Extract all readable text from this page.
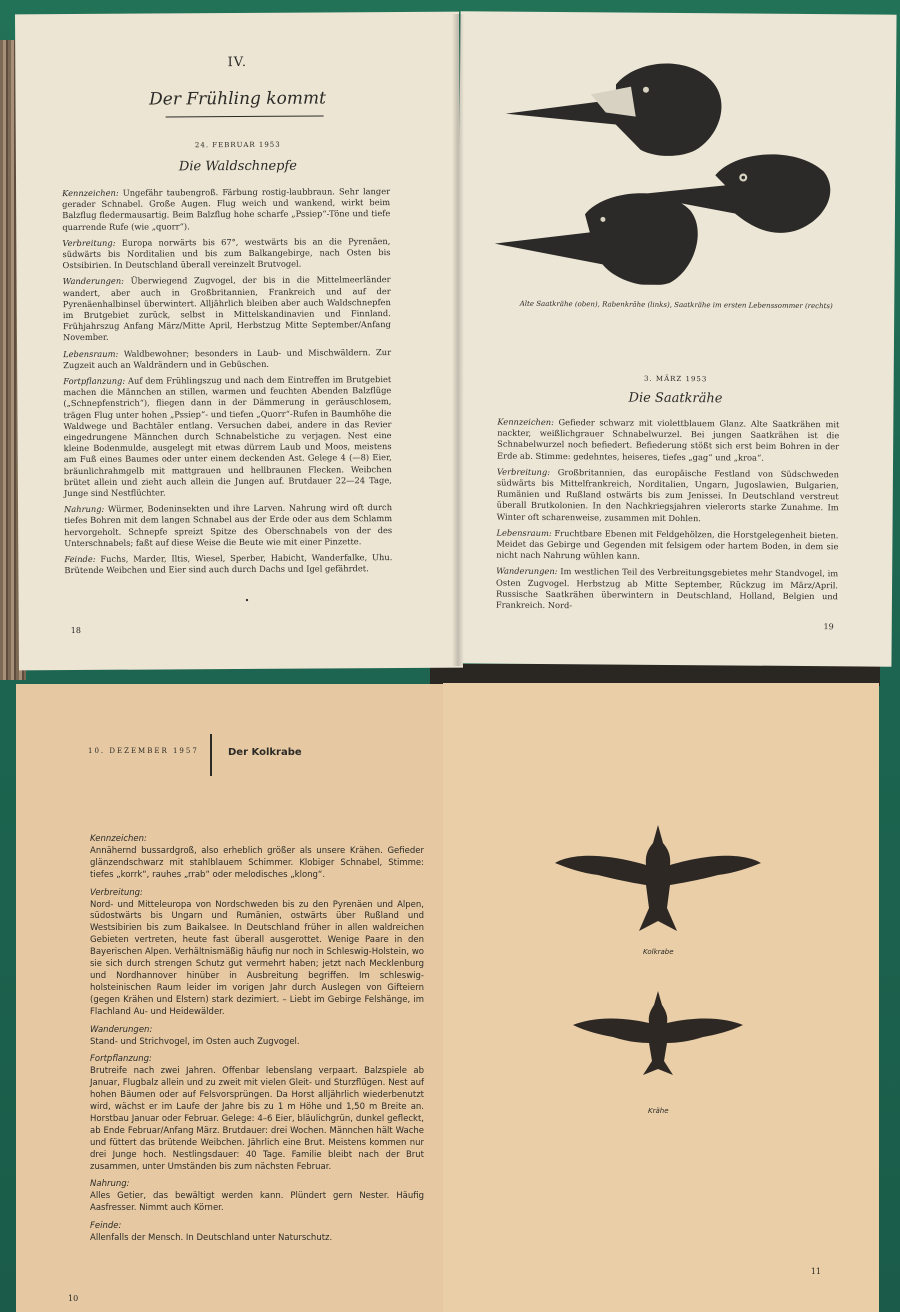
IV.
Der Frühling kommt
24. FEBRUAR 1953
Die Waldschnepfe

Kennzeichen: Ungefähr taubengroß. Färbung rostig-laubbraun. Sehr langer gerader Schnabel. Große Augen. Flug weich und wankend, wirkt beim Balzflug fledermausartig. Beim Balzflug hohe scharfe „Pssiep“-Töne und tiefe quarrende Rufe (wie „quorr“).

Verbreitung: Europa norwärts bis 67°, westwärts bis an die Pyrenäen, südwärts bis Norditalien und bis zum Balkangebirge, nach Osten bis Ostsibirien. In Deutschland überall vereinzelt Brutvogel.

Wanderungen: Überwiegend Zugvogel, der bis in die Mittelmeerländer wandert, aber auch in Großbritannien, Frankreich und auf der Pyrenäenhalbinsel überwintert. Alljährlich bleiben aber auch Waldschnepfen im Brutgebiet zurück, selbst in Mittelskandinavien und Finnland. Frühjahrszug Anfang März/Mitte April, Herbstzug Mitte September/Anfang November.

Lebensraum: Waldbewohner; besonders in Laub- und Mischwäldern. Zur Zugzeit auch an Waldrändern und in Gebüschen.

Fortpflanzung: Auf dem Frühlingszug und nach dem Eintreffen im Brutgebiet machen die Männchen an stillen, warmen und feuchten Abenden Balzflüge („Schnepfenstrich“), fliegen dann in der Dämmerung in geräuschlosem, trägen Flug unter hohen „Pssiep“- und tiefen „Quorr“-Rufen in Baumhöhe die Waldwege und Bachtäler entlang. Versuchen dabei, andere in das Revier eingedrungene Männchen durch Schnabelstiche zu verjagen. Nest eine kleine Bodenmulde, ausgelegt mit etwas dürrem Laub und Moos, meistens am Fuß eines Baumes oder unter einem deckenden Ast. Gelege 4 (—8) Eier, bräunlichrahmgelb mit mattgrauen und hellbraunen Flecken. Weibchen brütet allein und zieht auch allein die Jungen auf. Brutdauer 22—24 Tage, Junge sind Nestflüchter.

Nahrung: Würmer, Bodeninsekten und ihre Larven. Nahrung wird oft durch tiefes Bohren mit dem langen Schnabel aus der Erde oder aus dem Schlamm hervorgeholt. Schnepfe spreizt Spitze des Oberschnabels von der des Unterschnabels; faßt auf diese Weise die Beute wie mit einer Pinzette.

Feinde: Fuchs, Marder, Iltis, Wiesel, Sperber, Habicht, Wanderfalke, Uhu. Brütende Weibchen und Eier sind auch durch Dachs und Igel gefährdet.

•
18
Alte Saatkrähe (oben), Rabenkrähe (links), Saatkrähe im ersten Lebenssommer (rechts)
3. MÄRZ 1953
Die Saatkrähe

Kennzeichen: Gefieder schwarz mit violettblauem Glanz. Alte Saatkrähen mit nackter, weißlichgrauer Schnabelwurzel. Bei jungen Saatkrähen ist die Schnabelwurzel noch befiedert. Befiederung stößt sich erst beim Bohren in der Erde ab. Stimme: gedehntes, heiseres, tiefes „gag“ und „kroa“.

Verbreitung: Großbritannien, das europäische Festland von Südschweden südwärts bis Mittelfrankreich, Norditalien, Ungarn, Jugoslawien, Bulgarien, Rumänien und Rußland ostwärts bis zum Jenissei. In Deutschland verstreut überall Brutkolonien. In den Nachkriegsjahren vielerorts starke Zunahme. Im Winter oft scharenweise, zusammen mit Dohlen.

Lebensraum: Fruchtbare Ebenen mit Feldgehölzen, die Horstgelegenheit bieten. Meidet das Gebirge und Gegenden mit felsigem oder hartem Boden, in dem sie nicht nach Nahrung wühlen kann.

Wanderungen: Im westlichen Teil des Verbreitungsgebietes mehr Standvogel, im Osten Zugvogel. Herbstzug ab Mitte September, Rückzug im März/April. Russische Saatkrähen überwintern in Deutschland, Holland, Belgien und Frankreich. Nord-

19
10. DEZEMBER 1957	Der Kolkrabe

Kennzeichen:
Annähernd bussardgroß, also erheblich größer als unsere Krähen. Gefieder glänzendschwarz mit stahlblauem Schimmer. Klobiger Schnabel, Stimme: tiefes „korrk“, rauhes „rrab“ oder melodisches „klong“.

Verbreitung:
Nord- und Mitteleuropa von Nordschweden bis zu den Pyrenäen und Alpen, südostwärts bis Ungarn und Rumänien, ostwärts über Rußland und Westsibirien bis zum Baikalsee. In Deutschland früher in allen waldreichen Gebieten vertreten, heute fast überall ausgerottet. Wenige Paare in den Bayerischen Alpen. Verhältnismäßig häufig nur noch in Schleswig-Holstein, wo sie sich durch strengen Schutz gut vermehrt haben; jetzt nach Mecklenburg und Nordhannover hinüber in Ausbreitung begriffen. Im schleswig-holsteinischen Raum leider im vorigen Jahr durch Auslegen von Gifteiern (gegen Krähen und Elstern) stark dezimiert. – Liebt im Gebirge Felshänge, im Flachland Au- und Heidewälder.

Wanderungen:
Stand- und Strichvogel, im Osten auch Zugvogel.

Fortpflanzung:
Brutreife nach zwei Jahren. Offenbar lebenslang verpaart. Balzspiele ab Januar, Flugbalz allein und zu zweit mit vielen Gleit- und Sturzflügen. Nest auf hohen Bäumen oder auf Felsvorsprüngen. Da Horst alljährlich wiederbenutzt wird, wächst er im Laufe der Jahre bis zu 1 m Höhe und 1,50 m Breite an. Horstbau Januar oder Februar. Gelege: 4–6 Eier, bläulichgrün, dunkel gefleckt, ab Ende Februar/Anfang März. Brutdauer: drei Wochen. Männchen hält Wache und füttert das brütende Weibchen. Jährlich eine Brut. Meistens kommen nur drei Junge hoch. Nestlingsdauer: 40 Tage. Familie bleibt nach der Brut zusammen, unter Umständen bis zum nächsten Februar.

Nahrung:
Alles Getier, das bewältigt werden kann. Plündert gern Nester. Häufig Aasfresser. Nimmt auch Körner.

Feinde:
Allenfalls der Mensch. In Deutschland unter Naturschutz.

10
Kolkrabe
Krähe
11
